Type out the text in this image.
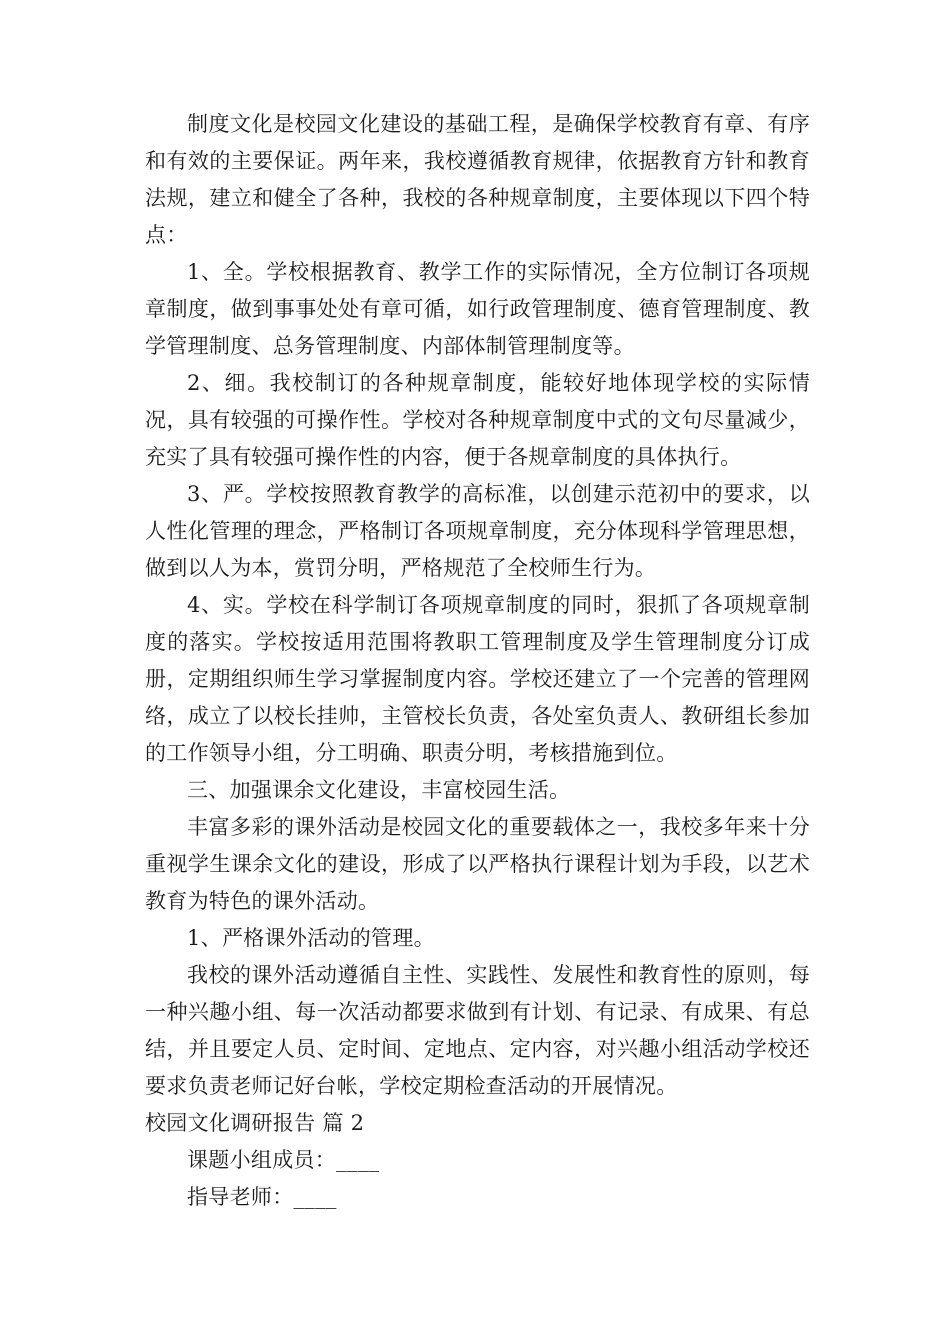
制度文化是校园文化建设的基础工程，是确保学校教育有章、有序和有效的主要保证。两年来，我校遵循教育规律，依据教育方针和教育法规，建立和健全了各种，我校的各种规章制度，主要体现以下四个特点：

1、全。学校根据教育、教学工作的实际情况，全方位制订各项规章制度，做到事事处处有章可循，如行政管理制度、德育管理制度、教学管理制度、总务管理制度、内部体制管理制度等。

2、细。我校制订的各种规章制度，能较好地体现学校的实际情况，具有较强的可操作性。学校对各种规章制度中式的文句尽量减少，充实了具有较强可操作性的内容，便于各规章制度的具体执行。

3、严。学校按照教育教学的高标准，以创建示范初中的要求，以人性化管理的理念，严格制订各项规章制度，充分体现科学管理思想，做到以人为本，赏罚分明，严格规范了全校师生行为。

4、实。学校在科学制订各项规章制度的同时，狠抓了各项规章制度的落实。学校按适用范围将教职工管理制度及学生管理制度分订成册，定期组织师生学习掌握制度内容。学校还建立了一个完善的管理网络，成立了以校长挂帅，主管校长负责，各处室负责人、教研组长参加的工作领导小组，分工明确、职责分明，考核措施到位。

三、加强课余文化建设，丰富校园生活。

丰富多彩的课外活动是校园文化的重要载体之一，我校多年来十分重视学生课余文化的建设，形成了以严格执行课程计划为手段，以艺术教育为特色的课外活动。

1、严格课外活动的管理。

我校的课外活动遵循自主性、实践性、发展性和教育性的原则，每一种兴趣小组、每一次活动都要求做到有计划、有记录、有成果、有总结，并且要定人员、定时间、定地点、定内容，对兴趣小组活动学校还要求负责老师记好台帐，学校定期检查活动的开展情况。

校园文化调研报告 篇 2

课题小组成员：____

指导老师：____
